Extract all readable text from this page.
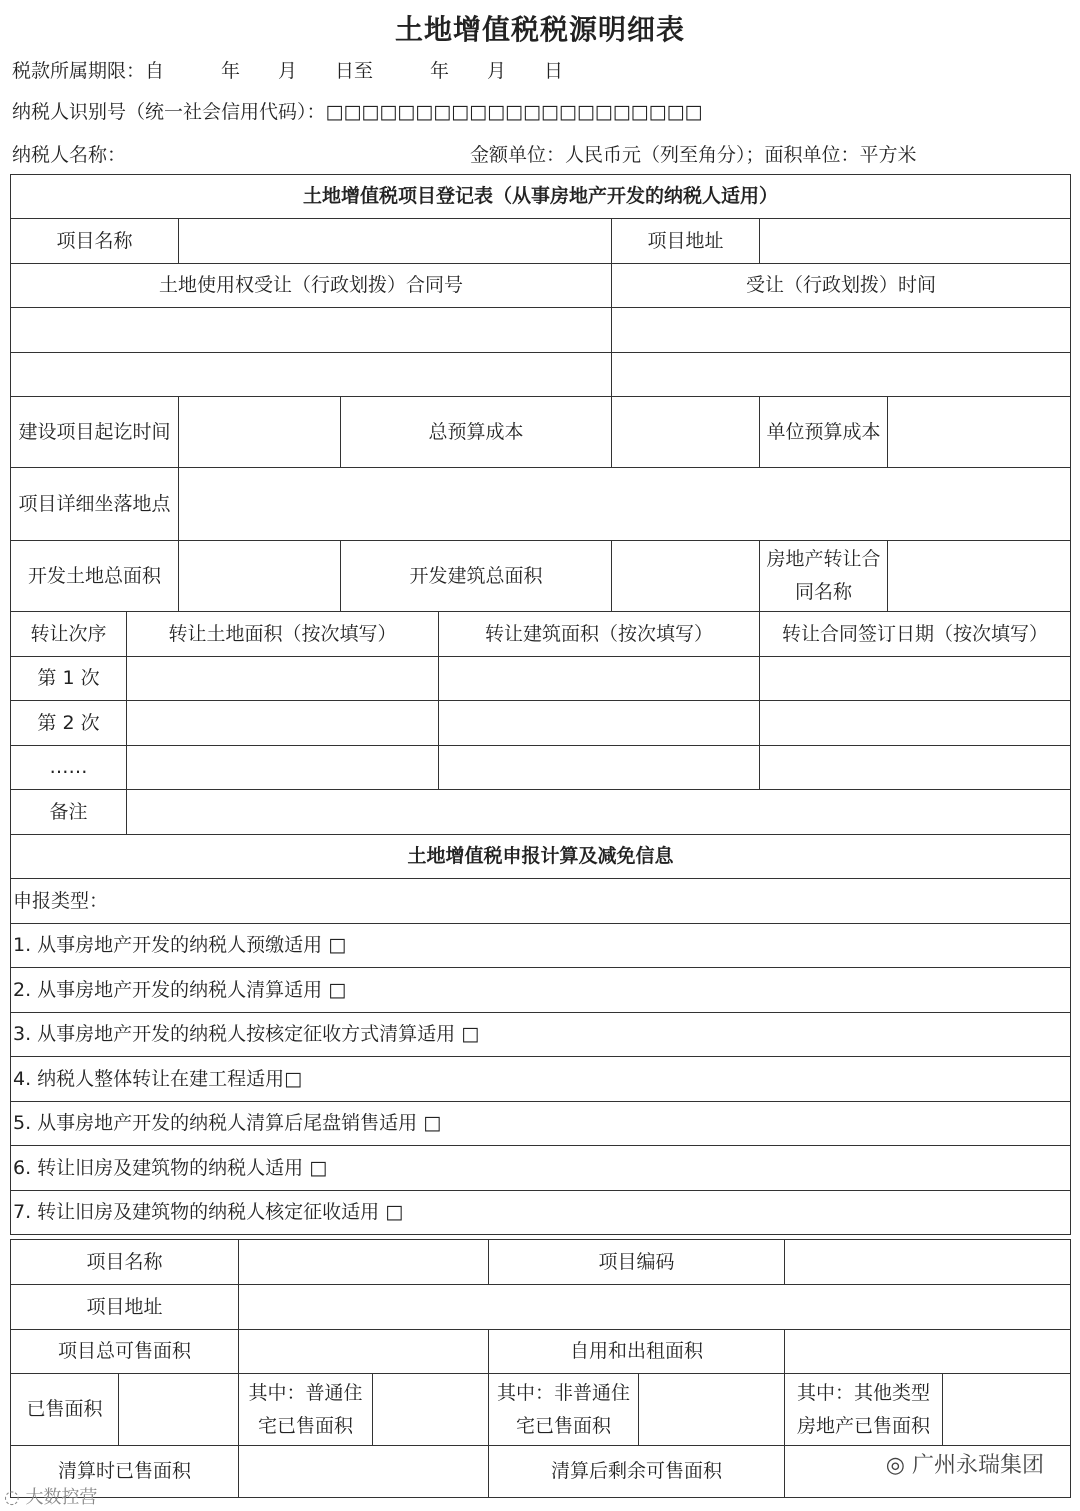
土地增值税税源明细表
税款所属期限：自　　　年　　月　　日至　　　年　　月　　日
纳税人识别号（统一社会信用代码）：□□□□□□□□□□□□□□□□□□□□□
纳税人名称：	金额单位：人民币元（列至角分）；面积单位：平方米
土地增值税项目登记表（从事房地产开发的纳税人适用）							
项目名称					项目地址		
土地使用权受让（行政划拨）合同号					受让（行政划拨）时间		

建设项目起讫时间			总预算成本			单位预算成本	
项目详细坐落地点							
开发土地总面积			开发建筑总面积			房地产转让合同名称	
转让次序	转让土地面积（按次填写）			转让建筑面积（按次填写）		转让合同签订日期（按次填写）	
第 1 次							
第 2 次							
……							
备注							
土地增值税申报计算及减免信息							
申报类型：							
1. 从事房地产开发的纳税人预缴适用 □							
2. 从事房地产开发的纳税人清算适用 □							
3. 从事房地产开发的纳税人按核定征收方式清算适用 □							
4. 纳税人整体转让在建工程适用□							
5. 从事房地产开发的纳税人清算后尾盘销售适用 □							
6. 转让旧房及建筑物的纳税人适用 □							
7. 转让旧房及建筑物的纳税人核定征收适用 □							
项目名称				项目编码			
项目地址							
项目总可售面积				自用和出租面积			
已售面积		其中：普通住宅已售面积		其中：非普通住宅已售面积		其中：其他类型房地产已售面积	
清算时已售面积				清算后剩余可售面积				◎ 广州永瑞集团
◌ 大数控营
